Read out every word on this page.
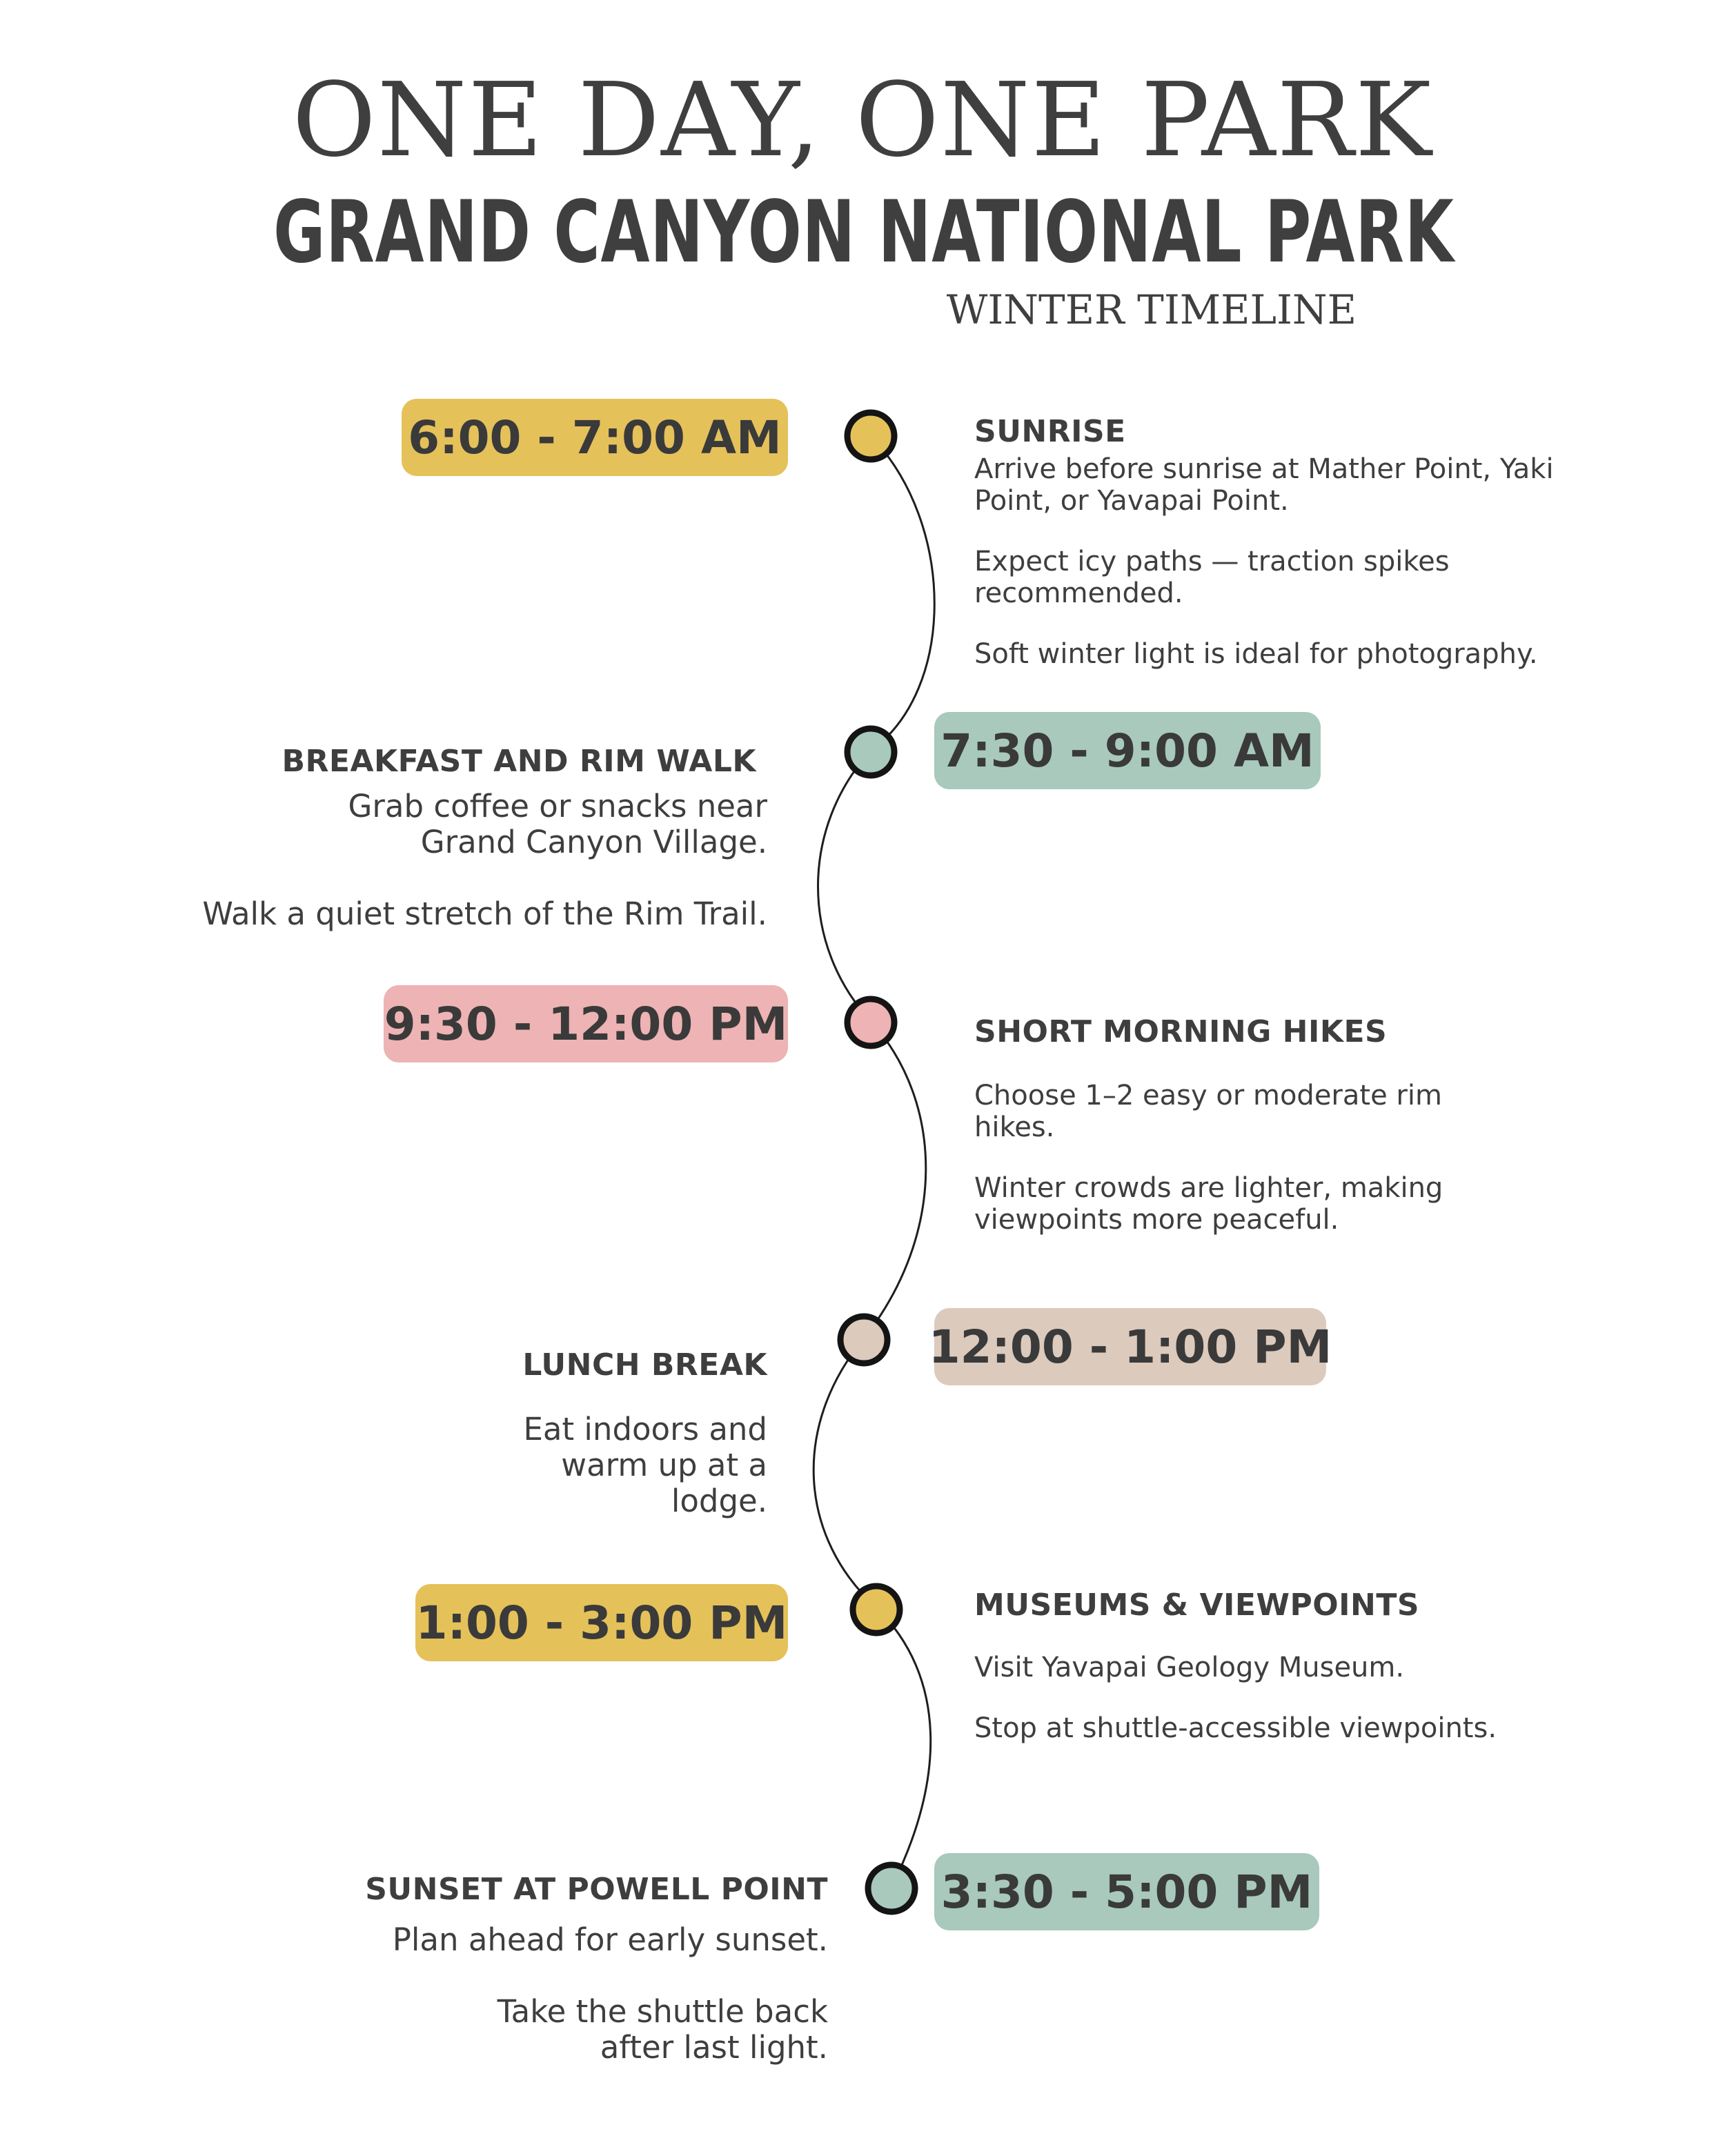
ONE DAY, ONE PARK
GRAND CANYON NATIONAL PARK
WINTER TIMELINE
6:00 - 7:00 AM
7:30 - 9:00 AM
9:30 - 12:00 PM
12:00 - 1:00 PM
1:00 - 3:00 PM
3:30 - 5:00 PM
SUNRISE

Arrive before sunrise at Mather Point, Yaki Point, or Yavapai Point.

Expect icy paths — traction spikes recommended.

Soft winter light is ideal for photography.

BREAKFAST AND RIM WALK

Grab coffee or snacks near Grand Canyon Village.

Walk a quiet stretch of the Rim Trail.

SHORT MORNING HIKES

Choose 1–2 easy or moderate rim hikes.

Winter crowds are lighter, making viewpoints more peaceful.

LUNCH BREAK

Eat indoors and warm up at a lodge.

MUSEUMS & VIEWPOINTS

Visit Yavapai Geology Museum.

Stop at shuttle-accessible viewpoints.

SUNSET AT POWELL POINT

Plan ahead for early sunset.

Take the shuttle back after last light.
